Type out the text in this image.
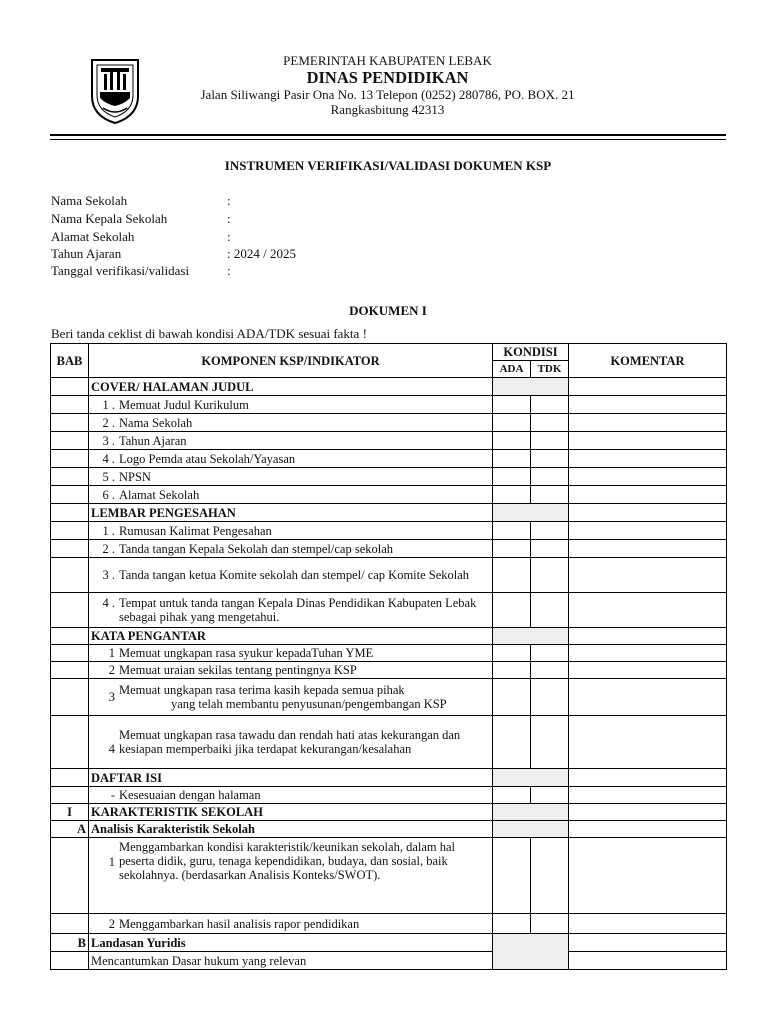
PEMERINTAH KABUPATEN LEBAK
DINAS PENDIDIKAN
Jalan Siliwangi Pasir Ona No. 13 Telepon (0252) 280786, PO. BOX. 21
Rangkasbitung 42313
INSTRUMEN VERIFIKASI/VALIDASI DOKUMEN KSP
Nama Sekolah	:
Nama Kepala Sekolah	:
Alamat Sekolah	:
Tahun Ajaran	: 2024 / 2025
Tanggal verifikasi/validasi	:
DOKUMEN I
Beri tanda ceklist di bawah kondisi ADA/TDK sesuai fakta !
BAB	KOMPONEN KSP/INDIKATOR	KONDISI		KOMENTAR
		ADA	TDK	
	COVER/ HALAMAN JUDUL			

	1 . Memuat Judul Kurikulum			

	2 . Nama Sekolah			

	3 . Tahun Ajaran			

	4 . Logo Pemda atau Sekolah/Yayasan			

	5 . NPSN			

	6 . Alamat Sekolah			

	LEMBAR PENGESAHAN			

	1 . Rumusan Kalimat Pengesahan			

	2 . Tanda tangan Kepala Sekolah dan stempel/cap sekolah			

	3 . Tanda tangan ketua Komite sekolah dan stempel/ cap Komite Sekolah			

	4 . Tempat untuk tanda tangan Kepala Dinas Pendidikan Kabupaten Lebak sebagai pihak yang mengetahui.			

	KATA PENGANTAR			

	1 Memuat ungkapan rasa syukur kepadaTuhan YME			

	2 Memuat uraian sekilas tentang pentingnya KSP			

	3 Memuat ungkapan rasa terima kasih kepada semua pihak
yang telah membantu penyusunan/pengembangan KSP			

	4
Memuat ungkapan rasa tawadu dan rendah hati atas kekurangan dan kesiapan memperbaiki jika terdapat kekurangan/kesalahan			

	DAFTAR ISI			

	- Kesesuaian dengan halaman			

I	KARAKTERISTIK SEKOLAH			
A	Analisis Karakteristik Sekolah			

	1
Menggambarkan kondisi karakteristik/keunikan sekolah, dalam hal peserta didik, guru, tenaga kependidikan, budaya, dan sosial, baik sekolahnya. (berdasarkan Analisis Konteks/SWOT).			

	2 Menggambarkan hasil analisis rapor pendidikan			

B	Landasan Yuridis			
	Mencantumkan Dasar hukum yang relevan			
